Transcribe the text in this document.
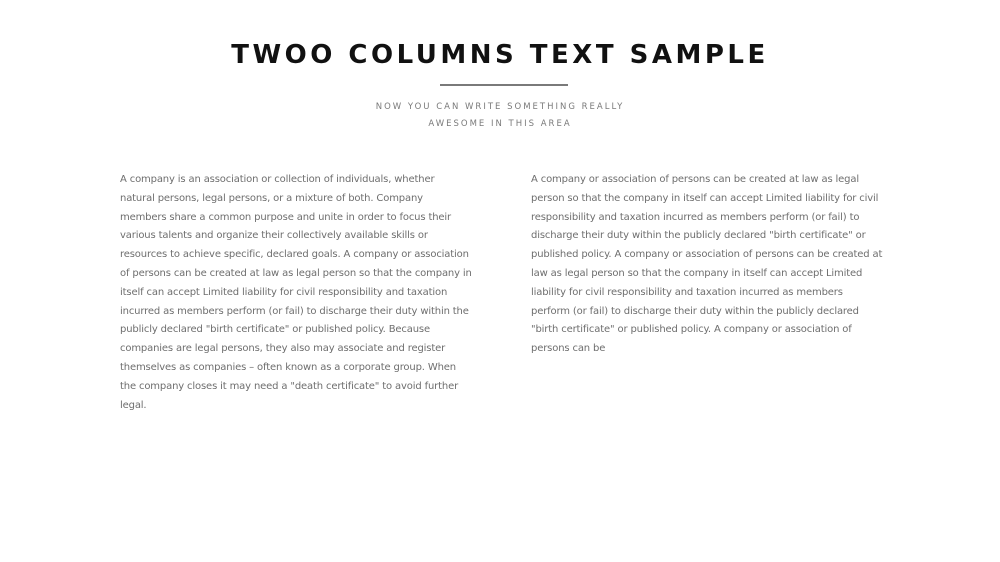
TWOO COLUMNS TEXT SAMPLE
NOW YOU CAN WRITE SOMETHING REALLY
AWESOME IN THIS AREA

A company is an association or collection of individuals, whether natural persons, legal persons, or a mixture of both. Company members share a common purpose and unite in order to focus their various talents and organize their collectively available skills or resources to achieve specific, declared goals. A company or association of persons can be created at law as legal person so that the company in itself can accept Limited liability for civil responsibility and taxation incurred as members perform (or fail) to discharge their duty within the publicly declared "birth certificate" or published policy. Because companies are legal persons, they also may associate and register themselves as companies – often known as a corporate group. When the company closes it may need a "death certificate" to avoid further legal.

A company or association of persons can be created at law as legal person so that the company in itself can accept Limited liability for civil responsibility and taxation incurred as members perform (or fail) to discharge their duty within the publicly declared "birth certificate" or published policy. A company or association of persons can be created at law as legal person so that the company in itself can accept Limited liability for civil responsibility and taxation incurred as members perform (or fail) to discharge their duty within the publicly declared "birth certificate" or published policy. A company or association of persons can be
